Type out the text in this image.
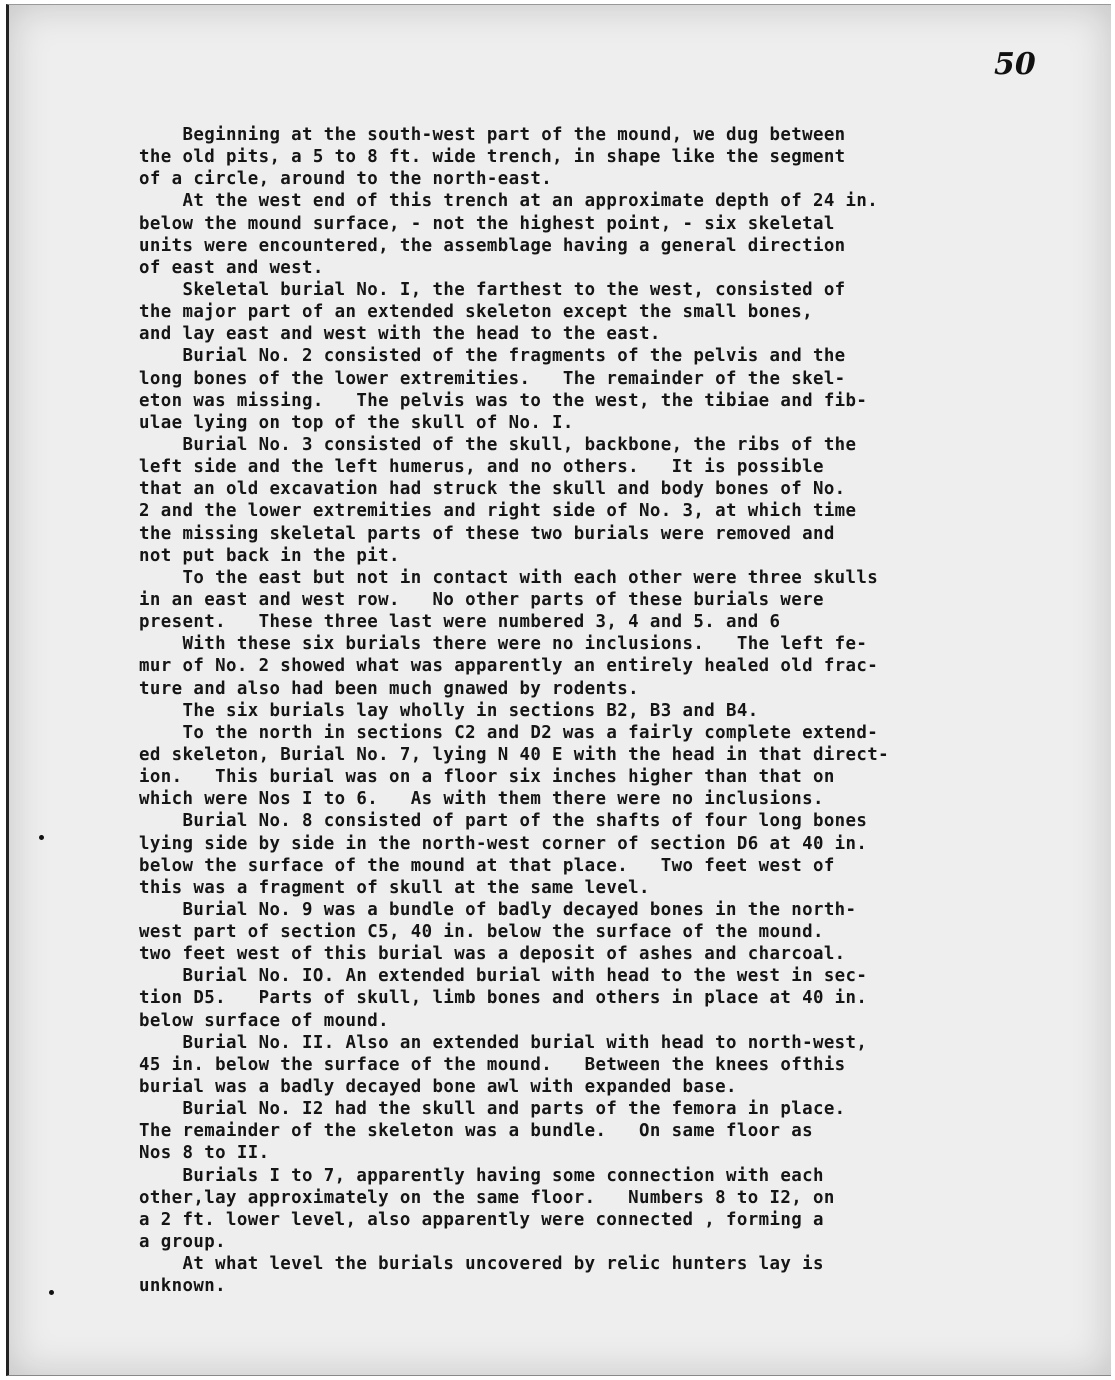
50
Beginning at the south-west part of the mound, we dug between
the old pits, a 5 to 8 ft. wide trench, in shape like the segment
of a circle, around to the north-east.
At the west end of this trench at an approximate depth of 24 in.
below the mound surface, - not the highest point, - six skeletal
units were encountered, the assemblage having a general direction
of east and west.
Skeletal burial No. I, the farthest to the west, consisted of
the major part of an extended skeleton except the small bones,
and lay east and west with the head to the east.
Burial No. 2 consisted of the fragments of the pelvis and the
long bones of the lower extremities.   The remainder of the skel-
eton was missing.   The pelvis was to the west, the tibiae and fib-
ulae lying on top of the skull of No. I.
Burial No. 3 consisted of the skull, backbone, the ribs of the
left side and the left humerus, and no others.   It is possible
that an old excavation had struck the skull and body bones of No.
2 and the lower extremities and right side of No. 3, at which time
the missing skeletal parts of these two burials were removed and
not put back in the pit.
To the east but not in contact with each other were three skulls
in an east and west row.   No other parts of these burials were
present.   These three last were numbered 3, 4 and 5. and 6
With these six burials there were no inclusions.   The left fe-
mur of No. 2 showed what was apparently an entirely healed old frac-
ture and also had been much gnawed by rodents.
The six burials lay wholly in sections B2, B3 and B4.
To the north in sections C2 and D2 was a fairly complete extend-
ed skeleton, Burial No. 7, lying N 40 E with the head in that direct-
ion.   This burial was on a floor six inches higher than that on
which were Nos I to 6.   As with them there were no inclusions.
Burial No. 8 consisted of part of the shafts of four long bones
lying side by side in the north-west corner of section D6 at 40 in.
below the surface of the mound at that place.   Two feet west of
this was a fragment of skull at the same level.
Burial No. 9 was a bundle of badly decayed bones in the north-
west part of section C5, 40 in. below the surface of the mound.
two feet west of this burial was a deposit of ashes and charcoal.
Burial No. IO. An extended burial with head to the west in sec-
tion D5.   Parts of skull, limb bones and others in place at 40 in.
below surface of mound.
Burial No. II. Also an extended burial with head to north-west,
45 in. below the surface of the mound.   Between the knees ofthis
burial was a badly decayed bone awl with expanded base.
Burial No. I2 had the skull and parts of the femora in place.
The remainder of the skeleton was a bundle.   On same floor as
Nos 8 to II.
Burials I to 7, apparently having some connection with each
other,lay approximately on the same floor.   Numbers 8 to I2, on
a 2 ft. lower level, also apparently were connected , forming a
a group.
At what level the burials uncovered by relic hunters lay is
unknown.
